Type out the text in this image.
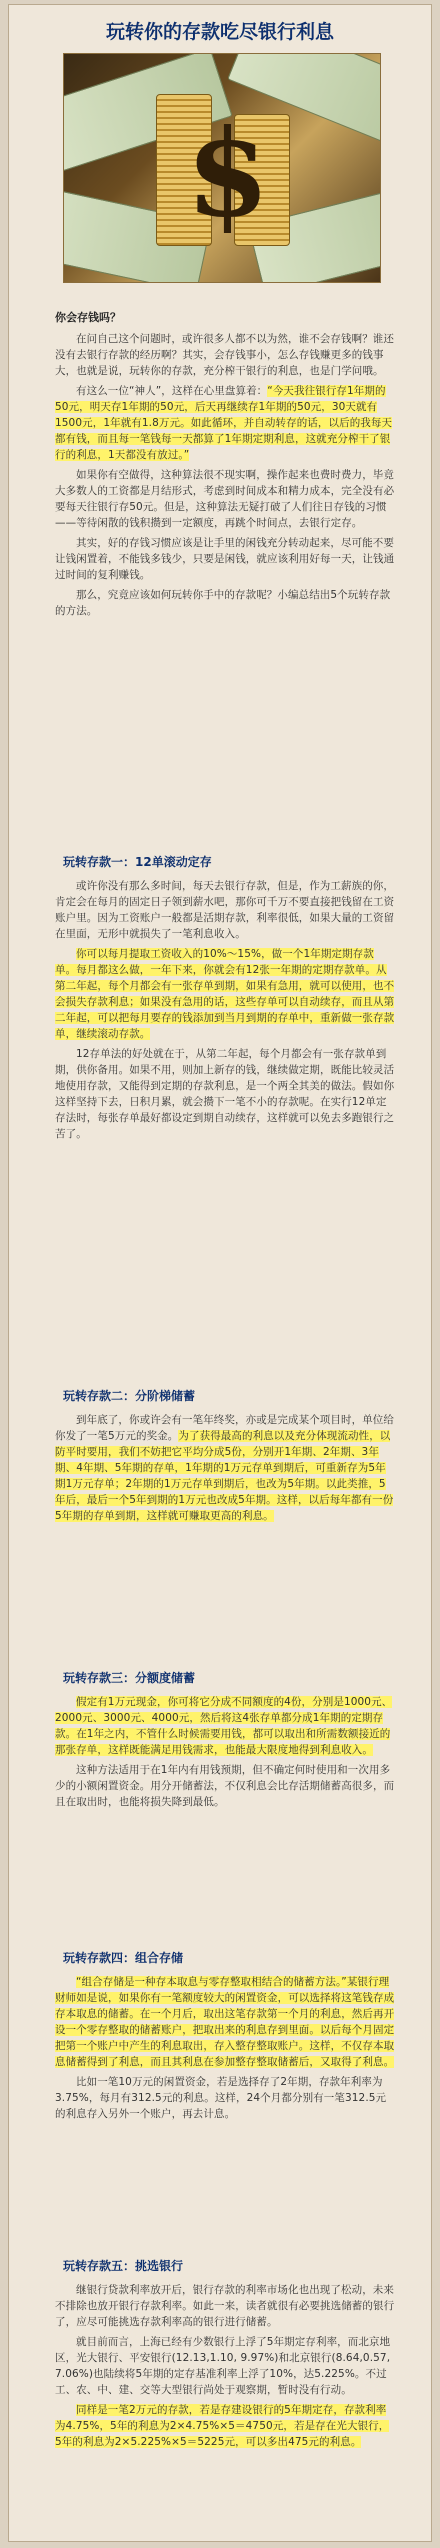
玩转你的存款吃尽银行利息
$
你会存钱吗？

在问自己这个问题时，或许很多人都不以为然，谁不会存钱啊？谁还没有去银行存款的经历啊？其实，会存钱事小，怎么存钱赚更多的钱事大，也就是说，玩转你的存款，充分榨干银行的利息，也是门学问哦。

有这么一位“神人”，这样在心里盘算着：“今天我往银行存1年期的50元，明天存1年期的50元，后天再继续存1年期的50元，30天就有1500元，1年就有1.8万元。如此循环，并自动转存的话，以后的我每天都有钱，而且每一笔钱每一天都算了1年期定期利息，这就充分榨干了银行的利息，1天都没有放过。”

如果你有空做得，这种算法很不现实啊，操作起来也费时费力，毕竟大多数人的工资都是月结形式，考虑到时间成本和精力成本，完全没有必要每天往银行存50元。但是，这种算法无疑打破了人们往日存钱的习惯——等待闲散的钱积攒到一定额度，再跳个时间点，去银行定存。

其实，好的存钱习惯应该是让手里的闲钱充分转动起来，尽可能不要让钱闲置着，不能钱多钱少，只要是闲钱，就应该利用好每一天，让钱通过时间的复利赚钱。

那么，究竟应该如何玩转你手中的存款呢？小编总结出5个玩转存款的方法。

玩转存款一：12单滚动定存

或许你没有那么多时间，每天去银行存款，但是，作为工薪族的你，肯定会在每月的固定日子领到薪水吧，那你可千万不要直接把钱留在工资账户里。因为工资账户一般都是活期存款，利率很低，如果大量的工资留在里面，无形中就损失了一笔利息收入。

你可以每月提取工资收入的10%～15%，做一个1年期定期存款单。每月都这么做，一年下来，你就会有12张一年期的定期存款单。从第二年起，每个月都会有一张存单到期，如果有急用，就可以使用，也不会损失存款利息；如果没有急用的话，这些存单可以自动续存，而且从第二年起，可以把每月要存的钱添加到当月到期的存单中，重新做一张存款单，继续滚动存款。

12存单法的好处就在于，从第二年起，每个月都会有一张存款单到期，供你备用。如果不用，则加上新存的钱，继续做定期，既能比较灵活地使用存款，又能得到定期的存款利息，是一个两全其美的做法。假如你这样坚持下去，日积月累，就会攒下一笔不小的存款呢。在实行12单定存法时，每张存单最好都设定到期自动续存，这样就可以免去多跑银行之苦了。

玩转存款二：分阶梯储蓄

到年底了，你或许会有一笔年终奖，亦或是完成某个项目时，单位给你发了一笔5万元的奖金。为了获得最高的利息以及充分体现流动性，以防平时要用，我们不妨把它平均分成5份，分别开1年期、2年期、3年期、4年期、5年期的存单，1年期的1万元存单到期后，可重新存为5年期1万元存单；2年期的1万元存单到期后，也改为5年期。以此类推，5年后，最后一个5年到期的1万元也改成5年期。这样，以后每年都有一份5年期的存单到期，这样就可赚取更高的利息。

玩转存款三：分额度储蓄

假定有1万元现金，你可将它分成不同额度的4份，分别是1000元、2000元、3000元、4000元，然后将这4张存单都分成1年期的定期存款。在1年之内，不管什么时候需要用钱，都可以取出和所需数额接近的那张存单，这样既能满足用钱需求，也能最大限度地得到利息收入。

这种方法适用于在1年内有用钱预期，但不确定何时使用和一次用多少的小额闲置资金。用分开储蓄法，不仅利息会比存活期储蓄高很多，而且在取出时，也能将损失降到最低。

玩转存款四：组合存储

“组合存储是一种存本取息与零存整取相结合的储蓄方法。”某银行理财师如是说，如果你有一笔额度较大的闲置资金，可以选择将这笔钱存成存本取息的储蓄。在一个月后，取出这笔存款第一个月的利息，然后再开设一个零存整取的储蓄账户，把取出来的利息存到里面。以后每个月固定把第一个账户中产生的利息取出，存入整存整取账户。这样，不仅存本取息储蓄得到了利息，而且其利息在参加整存整取储蓄后，又取得了利息。

比如一笔10万元的闲置资金，若是选择存了2年期，存款年利率为3.75%，每月有312.5元的利息。这样，24个月都分别有一笔312.5元的利息存入另外一个账户，再去计息。

玩转存款五：挑选银行

继银行贷款利率放开后，银行存款的利率市场化也出现了松动，未来不排除也放开银行存款利率。如此一来，读者就很有必要挑选储蓄的银行了，应尽可能挑选存款利率高的银行进行储蓄。

就目前而言，上海已经有少数银行上浮了5年期定存利率，而北京地区，光大银行、平安银行(12.13,1.10, 9.97%)和北京银行(8.64,0.57, 7.06%)也陆续将5年期的定存基准利率上浮了10%，达5.225%。不过工、农、中、建、交等大型银行尚处于观察期，暂时没有行动。

同样是一笔2万元的存款，若是存建设银行的5年期定存，存款利率为4.75%，5年的利息为2×4.75%×5＝4750元，若是存在光大银行，5年的利息为2×5.225%×5＝5225元，可以多出475元的利息。
